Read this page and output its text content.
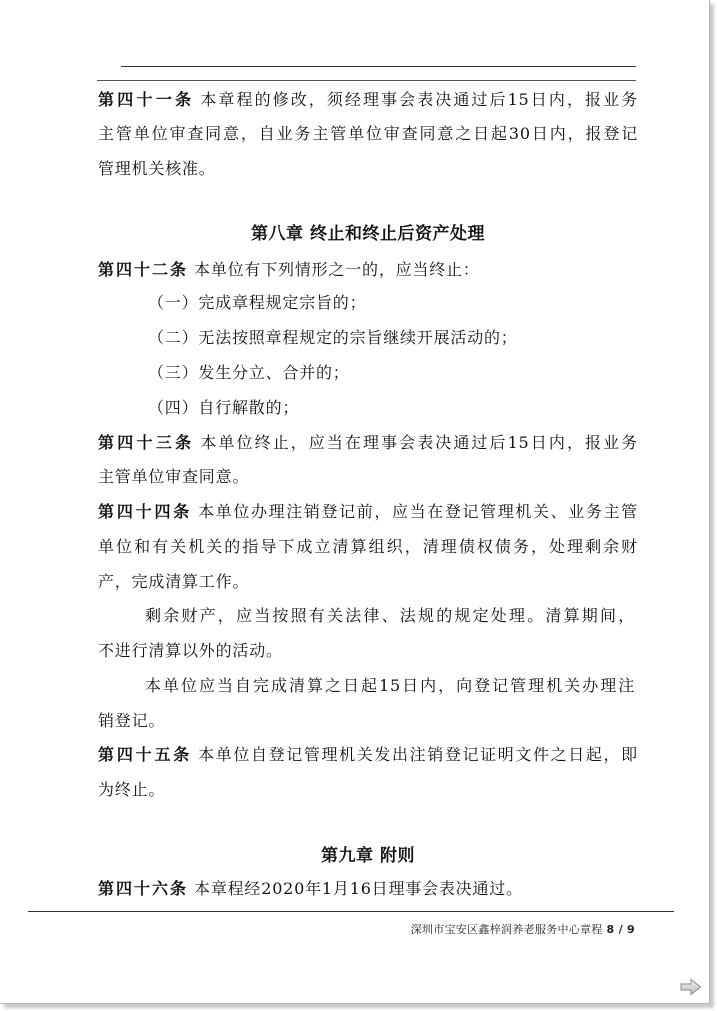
第四十一条 本章程的修改，须经理事会表决通过后15日内，报业务
主管单位审查同意，自业务主管单位审查同意之日起30日内，报登记
管理机关核准。
第八章 终止和终止后资产处理
第四十二条 本单位有下列情形之一的，应当终止：
（一）完成章程规定宗旨的；
（二）无法按照章程规定的宗旨继续开展活动的；
（三）发生分立、合并的；
（四）自行解散的；
第四十三条 本单位终止，应当在理事会表决通过后15日内，报业务
主管单位审查同意。
第四十四条 本单位办理注销登记前，应当在登记管理机关、业务主管
单位和有关机关的指导下成立清算组织，清理债权债务，处理剩余财
产，完成清算工作。
剩余财产，应当按照有关法律、法规的规定处理。清算期间，
不进行清算以外的活动。
本单位应当自完成清算之日起15日内，向登记管理机关办理注
销登记。
第四十五条 本单位自登记管理机关发出注销登记证明文件之日起，即
为终止。
第九章 附则
第四十六条 本章程经2020年1月16日理事会表决通过。
深圳市宝安区鑫梓润养老服务中心章程 8 / 9
